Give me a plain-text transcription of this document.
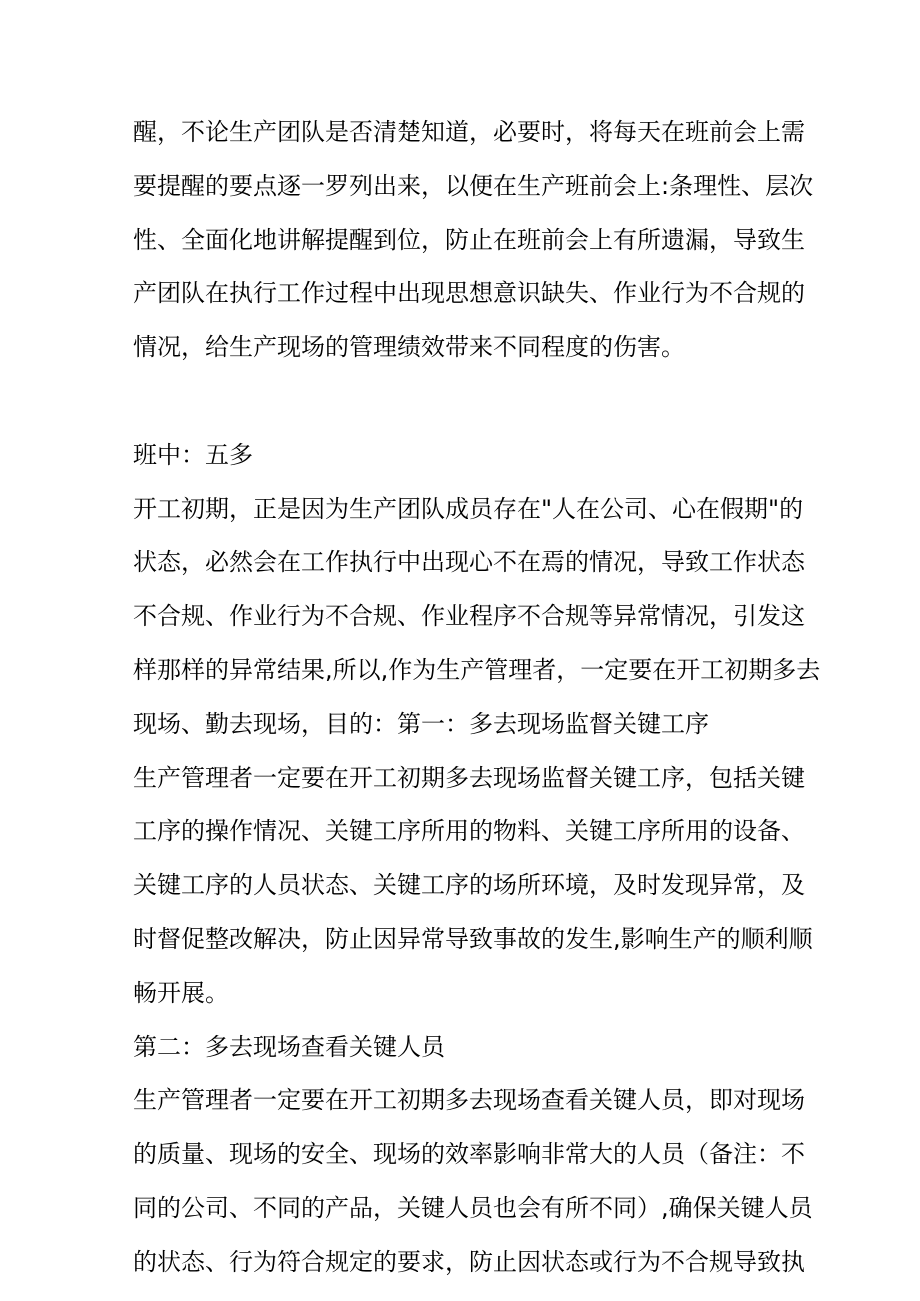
醒，不论生产团队是否清楚知道，必要时，将每天在班前会上需
要提醒的要点逐一罗列出来，以便在生产班前会上:条理性、层次
性、全面化地讲解提醒到位，防止在班前会上有所遗漏，导致生
产团队在执行工作过程中出现思想意识缺失、作业行为不合规的
情况，给生产现场的管理绩效带来不同程度的伤害。
班中：五多
开工初期，正是因为生产团队成员存在"人在公司、心在假期"的
状态，必然会在工作执行中出现心不在焉的情况，导致工作状态
不合规、作业行为不合规、作业程序不合规等异常情况，引发这
样那样的异常结果,所以,作为生产管理者，一定要在开工初期多去
现场、勤去现场，目的：第一：多去现场监督关键工序
生产管理者一定要在开工初期多去现场监督关键工序，包括关键
工序的操作情况、关键工序所用的物料、关键工序所用的设备、
关键工序的人员状态、关键工序的场所环境，及时发现异常，及
时督促整改解决，防止因异常导致事故的发生,影响生产的顺利顺
畅开展。
第二：多去现场查看关键人员
生产管理者一定要在开工初期多去现场查看关键人员，即对现场
的质量、现场的安全、现场的效率影响非常大的人员（备注：不
同的公司、不同的产品，关键人员也会有所不同）,确保关键人员
的状态、行为符合规定的要求，防止因状态或行为不合规导致执
